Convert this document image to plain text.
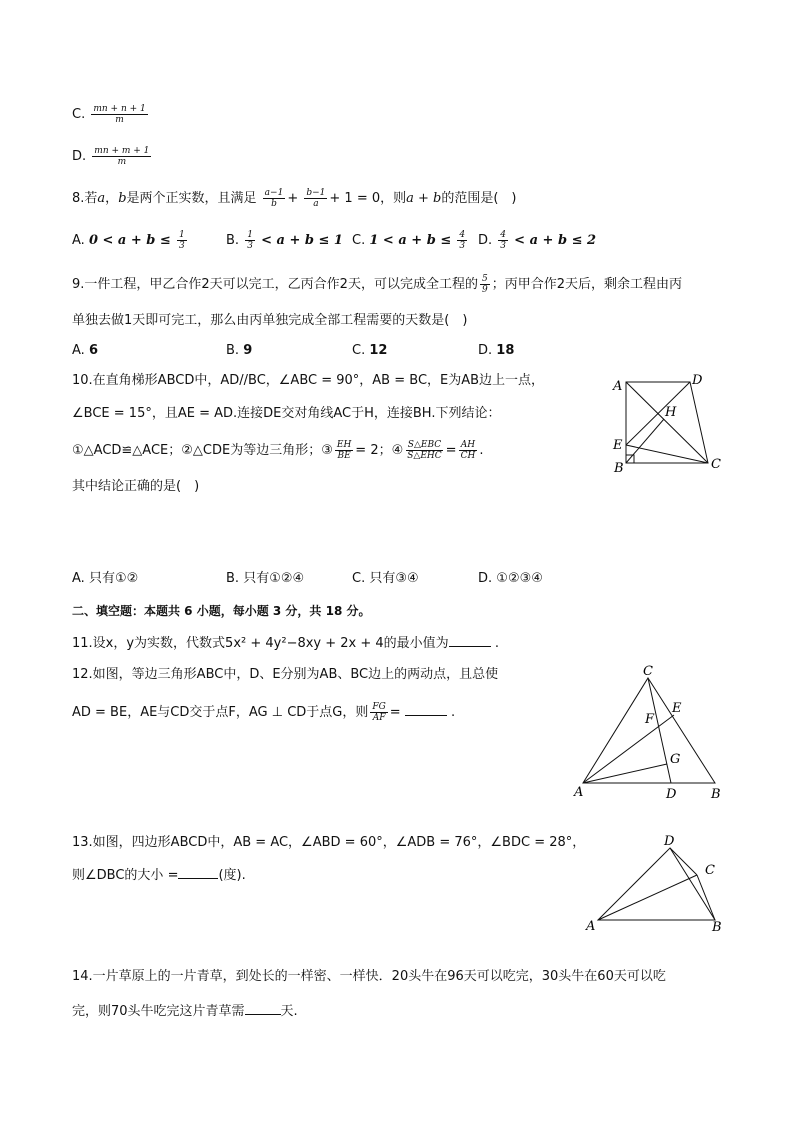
C. $\frac{mn + n + 1}{m}$
D. $\frac{mn + m + 1}{m}$
8.若a，b是两个正实数，且满足 $\frac{a-1}{b} + \frac{b-1}{a} + 1 = 0$，则a + b的范围是(　)
A. $0 < a + b \le \frac{1}{3}$	B. $\frac{1}{3} < a + b \le 1$ C. $1 < a + b \le \frac{4}{3} D$. $\frac{4}{3} < a + b \le 2$
9.一件工程，甲乙合作2天可以完工，乙丙合作2天，可以完成全工程的 $\frac{5}{9}$ ；丙甲合作2天后，剩余工程由丙
单独去做1天即可完工，那么由丙单独完成全部工程需要的天数是(　)
A. 6	B. 9	C. 12	D. 18
10.在直角梯形ABCD中，AD//BC，∠ABC = 90°，AB = BC，E为AB边上一点，
∠BCE = 15°，且AE = AD.连接DE交对角线AC于H，连接BH.下列结论：
①△ACD≌△ACE；②△CDE为等边三角形；③ $\frac{EH}{BE} = 2$；④ $\frac{\text{S△EBC}}{\text{S△EHC}} = \frac{AH}{CH}$ .
其中结论正确的是(　)
A	D
H
E
B	C
A. 只有①②	B. 只有①②④	C. 只有③④	D. ①②③④
二、填空题：本题共 6 小题，每小题 3 分，共 18 分。
11.设x，y为实数，代数式5x² + 4y²−8xy + 2x + 4的最小值为	.
12.如图，等边三角形ABC中，D、E分别为AB、BC边上的两动点，且总使
AD = BE，AE与CD交于点F，AG ⊥ CD于点G，则 $\frac{FG}{AF}$ =	.
C
E
F
G
A	D	B
13.如图，四边形ABCD中，AB = AC，∠ABD = 60°，∠ADB = 76°，∠BDC = 28°，
则∠DBC的大小 =	(度).
D
C
A	B
14.一片草原上的一片青草，到处长的一样密、一样快．20头牛在96天可以吃完，30头牛在60天可以吃
完，则70头牛吃完这片青草需	天.
